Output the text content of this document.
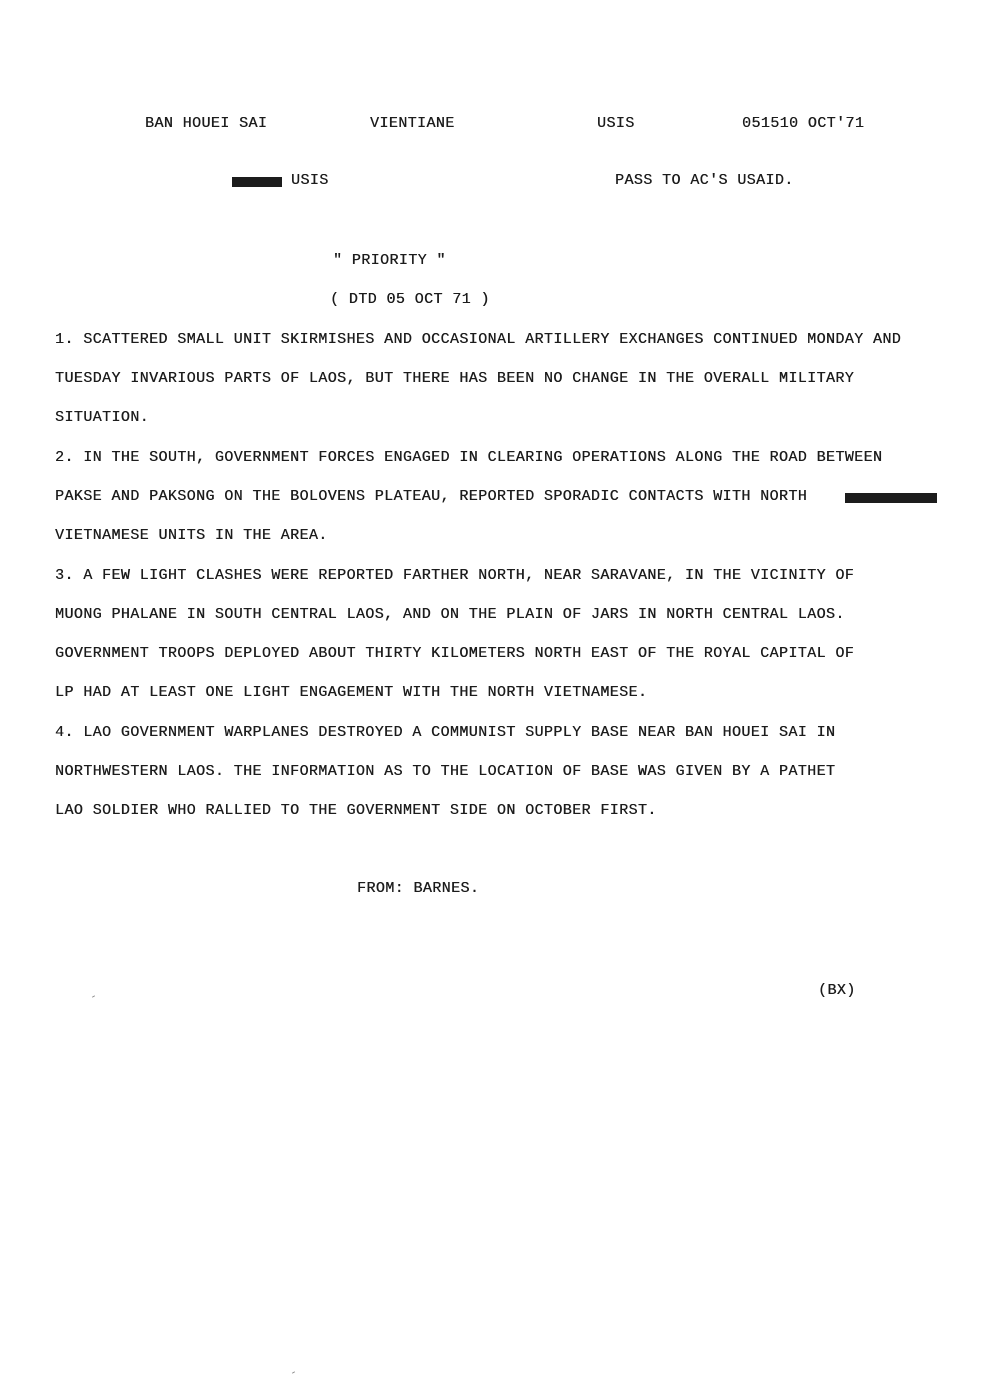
BAN HOUEI SAI	VIENTIANE	USIS	051510 OCT'71
USIS	PASS TO AC'S USAID.
" PRIORITY "
( DTD 05 OCT 71 )
1. SCATTERED SMALL UNIT SKIRMISHES AND OCCASIONAL ARTILLERY EXCHANGES CONTINUED MONDAY AND
TUESDAY INVARIOUS PARTS OF LAOS, BUT THERE HAS BEEN NO CHANGE IN THE OVERALL MILITARY
SITUATION.
2. IN THE SOUTH, GOVERNMENT FORCES ENGAGED IN CLEARING OPERATIONS ALONG THE ROAD BETWEEN
PAKSE AND PAKSONG ON THE BOLOVENS PLATEAU, REPORTED SPORADIC CONTACTS WITH NORTH
VIETNAMESE UNITS IN THE AREA.
3. A FEW LIGHT CLASHES WERE REPORTED FARTHER NORTH, NEAR SARAVANE, IN THE VICINITY OF
MUONG PHALANE IN SOUTH CENTRAL LAOS, AND ON THE PLAIN OF JARS IN NORTH CENTRAL LAOS.
GOVERNMENT TROOPS DEPLOYED ABOUT THIRTY KILOMETERS NORTH EAST OF THE ROYAL CAPITAL OF
LP HAD AT LEAST ONE LIGHT ENGAGEMENT WITH THE NORTH VIETNAMESE.
4. LAO GOVERNMENT WARPLANES DESTROYED A COMMUNIST SUPPLY BASE NEAR BAN HOUEI SAI IN
NORTHWESTERN LAOS. THE INFORMATION AS TO THE LOCATION OF BASE WAS GIVEN BY A PATHET
LAO SOLDIER WHO RALLIED TO THE GOVERNMENT SIDE ON OCTOBER FIRST.
FROM: BARNES.
(BX)
